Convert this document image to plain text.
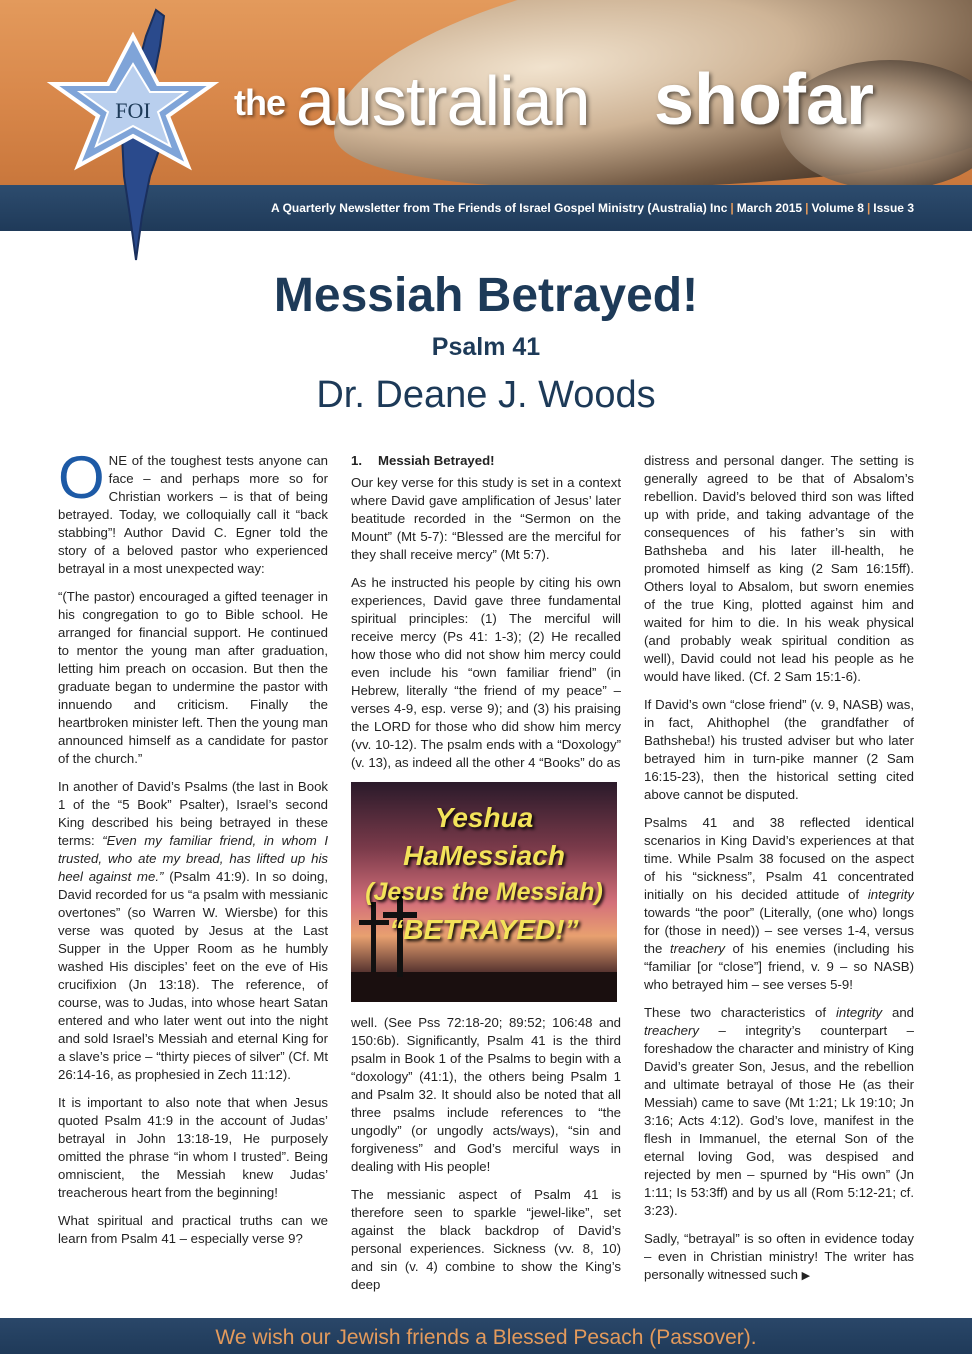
the australian shofar
A Quarterly Newsletter from The Friends of Israel Gospel Ministry (Australia) Inc | March 2015 | Volume 8 | Issue 3
FOI
Messiah Betrayed!
Psalm 41
Dr. Deane J. Woods

ONE of the toughest tests anyone can face – and perhaps more so for Christian workers – is that of being betrayed. Today, we colloquially call it “back stabbing”! Author David C. Egner told the story of a beloved pastor who experienced betrayal in a most unexpected way:

“(The pastor) encouraged a gifted teenager in his congregation to go to Bible school. He arranged for financial support. He continued to mentor the young man after graduation, letting him preach on occasion. But then the graduate began to undermine the pastor with innuendo and criticism. Finally the heartbroken minister left. Then the young man announced himself as a candidate for pastor of the church.”

In another of David’s Psalms (the last in Book 1 of the “5 Book” Psalter), Israel’s second King described his being betrayed in these terms: “Even my familiar friend, in whom I trusted, who ate my bread, has lifted up his heel against me.” (Psalm 41:9). In so doing, David recorded for us “a psalm with messianic overtones” (so Warren W. Wiersbe) for this verse was quoted by Jesus at the Last Supper in the Upper Room as he humbly washed His disciples’ feet on the eve of His crucifixion (Jn 13:18). The reference, of course, was to Judas, into whose heart Satan entered and who later went out into the night and sold Israel’s Messiah and eternal King for a slave’s price – “thirty pieces of silver” (Cf. Mt 26:14-16, as prophesied in Zech 11:12).

It is important to also note that when Jesus quoted Psalm 41:9 in the account of Judas’ betrayal in John 13:18-19, He purposely omitted the phrase “in whom I trusted”. Being omniscient, the Messiah knew Judas’ treacherous heart from the beginning!

What spiritual and practical truths can we learn from Psalm 41 – especially verse 9?

1. Messiah Betrayed!

Our key verse for this study is set in a context where David gave amplification of Jesus’ later beatitude recorded in the “Sermon on the Mount” (Mt 5-7): “Blessed are the merciful for they shall receive mercy” (Mt 5:7).

As he instructed his people by citing his own experiences, David gave three fundamental spiritual principles: (1) The merciful will receive mercy (Ps 41: 1-3); (2) He recalled how those who did not show him mercy could even include his “own familiar friend” (in Hebrew, literally “the friend of my peace” – verses 4-9, esp. verse 9); and (3) his praising the LORD for those who did show him mercy (vv. 10-12). The psalm ends with a “Doxology” (v. 13), as indeed all the other 4 “Books” do as

Yeshua
HaMessiach
(Jesus the Messiah)
“BETRAYED!”

well. (See Pss 72:18-20; 89:52; 106:48 and 150:6b). Significantly, Psalm 41 is the third psalm in Book 1 of the Psalms to begin with a “doxology” (41:1), the others being Psalm 1 and Psalm 32. It should also be noted that all three psalms include references to “the ungodly” (or ungodly acts/ways), “sin and forgiveness” and God’s merciful ways in dealing with His people!

The messianic aspect of Psalm 41 is therefore seen to sparkle “jewel-like”, set against the black backdrop of David’s personal experiences. Sickness (vv. 8, 10) and sin (v. 4) combine to show the King’s deep

distress and personal danger. The setting is generally agreed to be that of Absalom’s rebellion. David’s beloved third son was lifted up with pride, and taking advantage of the consequences of his father’s sin with Bathsheba and his later ill-health, he promoted himself as king (2 Sam 16:15ff). Others loyal to Absalom, but sworn enemies of the true King, plotted against him and waited for him to die. In his weak physical (and probably weak spiritual condition as well), David could not lead his people as he would have liked. (Cf. 2 Sam 15:1-6).

If David’s own “close friend” (v. 9, NASB) was, in fact, Ahithophel (the grandfather of Bathsheba!) his trusted adviser but who later betrayed him in turn-pike manner (2 Sam 16:15-23), then the historical setting cited above cannot be disputed.

Psalms 41 and 38 reflected identical scenarios in King David’s experiences at that time. While Psalm 38 focused on the aspect of his “sickness”, Psalm 41 concentrated initially on his decided attitude of integrity towards “the poor” (Literally, (one who) longs for (those in need)) – see verses 1-4, versus the treachery of his enemies (including his “familiar [or “close”] friend, v. 9 – so NASB) who betrayed him – see verses 5-9!

These two characteristics of integrity and treachery – integrity’s counterpart – foreshadow the character and ministry of King David’s greater Son, Jesus, and the rebellion and ultimate betrayal of those He (as their Messiah) came to save (Mt 1:21; Lk 19:10; Jn 3:16; Acts 4:12). God’s love, manifest in the flesh in Immanuel, the eternal Son of the eternal loving God, was despised and rejected by men – spurned by “His own” (Jn 1:11; Is 53:3ff) and by us all (Rom 5:12-21; cf. 3:23).

Sadly, “betrayal” is so often in evidence today – even in Christian ministry! The writer has personally witnessed such ▶

We wish our Jewish friends a Blessed Pesach (Passover).
